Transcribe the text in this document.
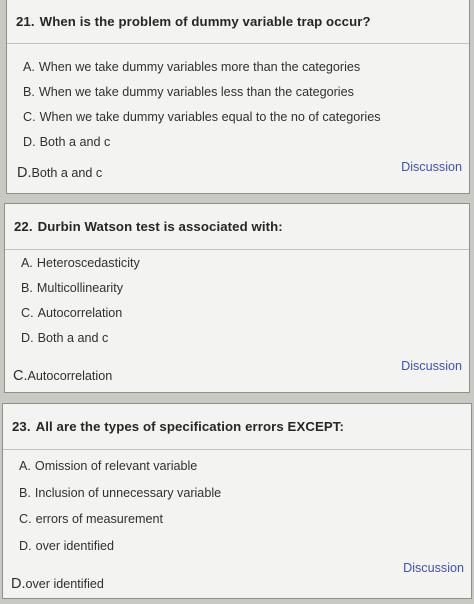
21. When is the problem of dummy variable trap occur?
A. When we take dummy variables more than the categories
B. When we take dummy variables less than the categories
C. When we take dummy variables equal to the no of categories
D. Both a and c
Discussion
D.Both a and c
22. Durbin Watson test is associated with:
A. Heteroscedasticity
B. Multicollinearity
C. Autocorrelation
D. Both a and c
Discussion
C.Autocorrelation
23. All are the types of specification errors EXCEPT:
A. Omission of relevant variable
B. Inclusion of unnecessary variable
C. errors of measurement
D. over identified
Discussion
D.over identified
